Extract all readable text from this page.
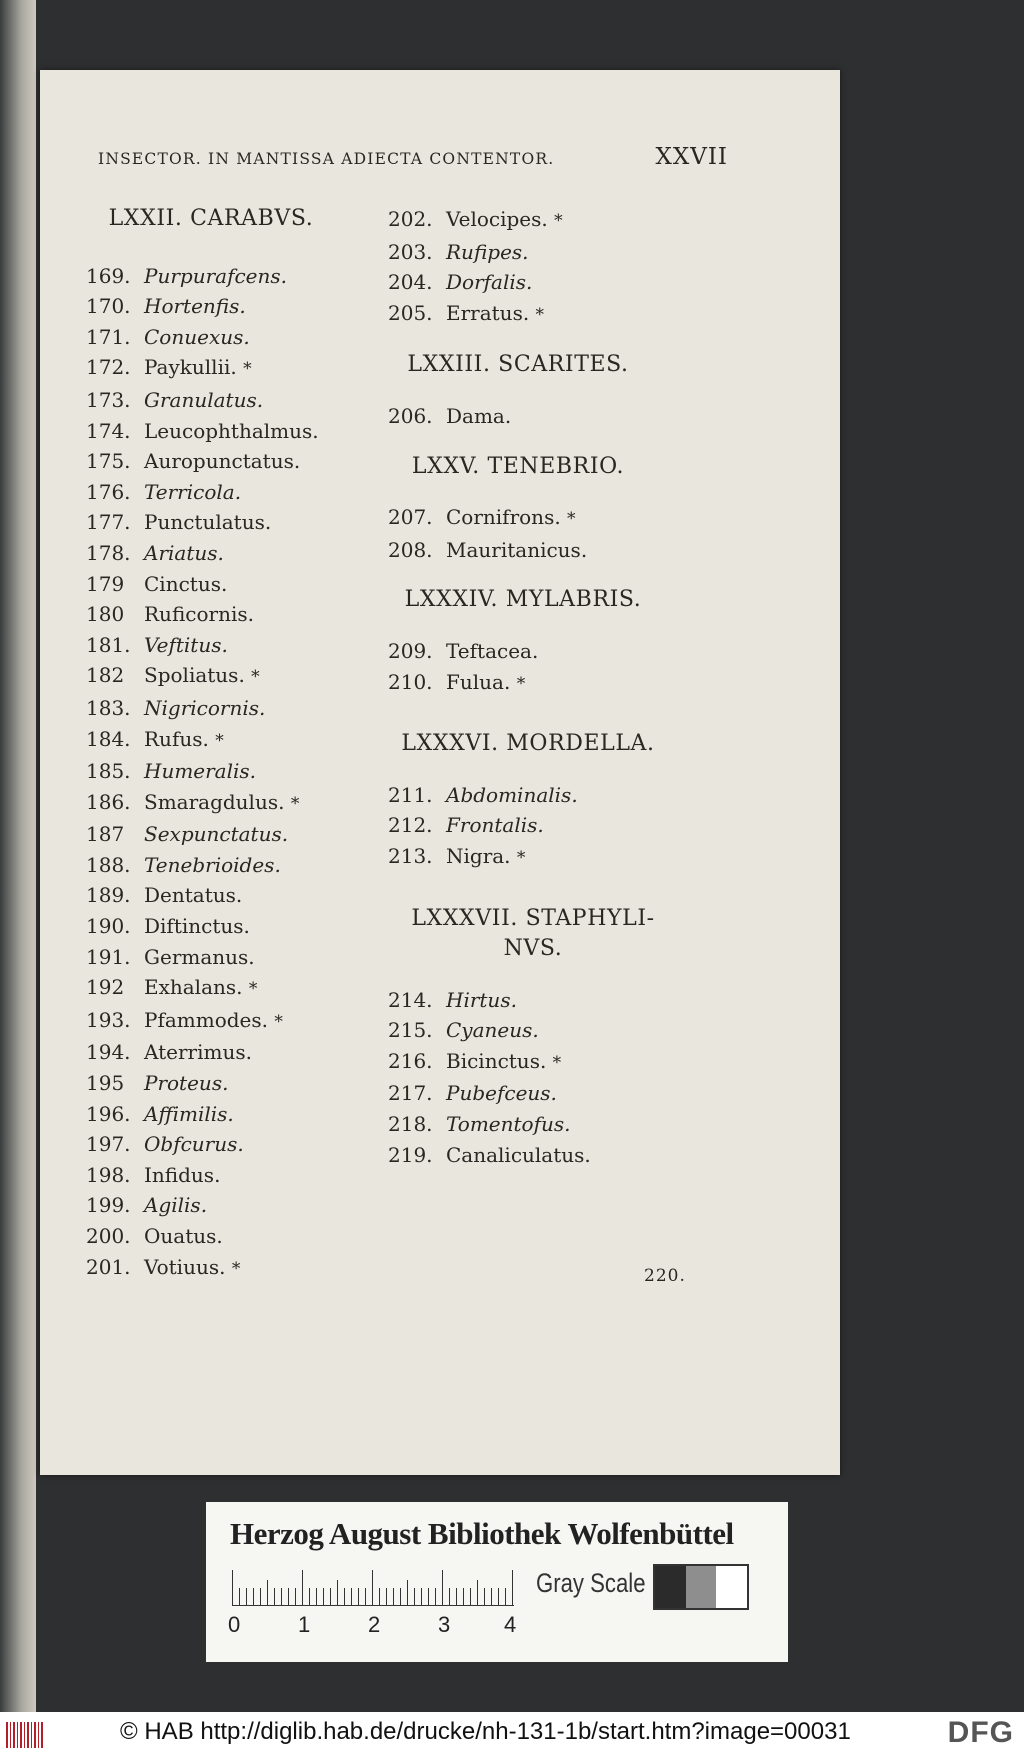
INSECTOR. IN MANTISSA ADIECTA CONTENTOR.	XXVII
LXXII. CARABVS.
169. Purpurafcens.
170. Hortenfis.
171. Conuexus.
172. Paykullii. *
173. Granulatus.
174. Leucophthalmus.
175. Auropunctatus.
176. Terricola.
177. Punctulatus.
178. Ariatus.
179 Cinctus.
180 Ruficornis.
181. Veftitus.
182 Spoliatus. *
183. Nigricornis.
184. Rufus. *
185. Humeralis.
186. Smaragdulus. *
187 Sexpunctatus.
188. Tenebrioides.
189. Dentatus.
190. Diftinctus.
191. Germanus.
192 Exhalans. *
193. Pfammodes. *
194. Aterrimus.
195 Proteus.
196. Affimilis.
197. Obfcurus.
198. Infidus.
199. Agilis.
200. Ouatus.
201. Votiuus. *
202. Velocipes. *
203. Rufipes.
204. Dorfalis.
205. Erratus. *
LXXIII. SCARITES.
206. Dama.
LXXV. TENEBRIO.
207. Cornifrons. *
208. Mauritanicus.
LXXXIV. MYLABRIS.
209. Teftacea.
210. Fulua. *
LXXXVI. MORDELLA.
211. Abdominalis.
212. Frontalis.
213. Nigra. *
LXXXVII. STAPHYLI-
NVS.
214. Hirtus.
215. Cyaneus.
216. Bicinctus. *
217. Pubefceus.
218. Tomentofus.
219. Canaliculatus.
220.
Herzog August Bibliothek Wolfenbüttel
0	1	2	3 4
Gray Scale
© HAB http://diglib.hab.de/drucke/nh-131-1b/start.htm?image=00031	DFG
